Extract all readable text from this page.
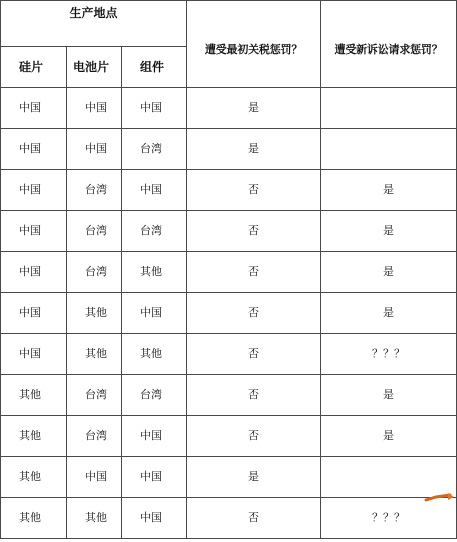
生产地点			遭受最初关税惩罚？	遭受新诉讼请求惩罚？
硅片	电池片	组件		
中国	中国	中国	是	
中国	中国	台湾	是	
中国	台湾	中国	否	是
中国	台湾	台湾	否	是
中国	台湾	其他	否	是
中国	其他	中国	否	是
中国	其他	其他	否	？？？
其他	台湾	台湾	否	是
其他	台湾	中国	否	是
其他	中国	中国	是	
其他	其他	中国	否	？？？
